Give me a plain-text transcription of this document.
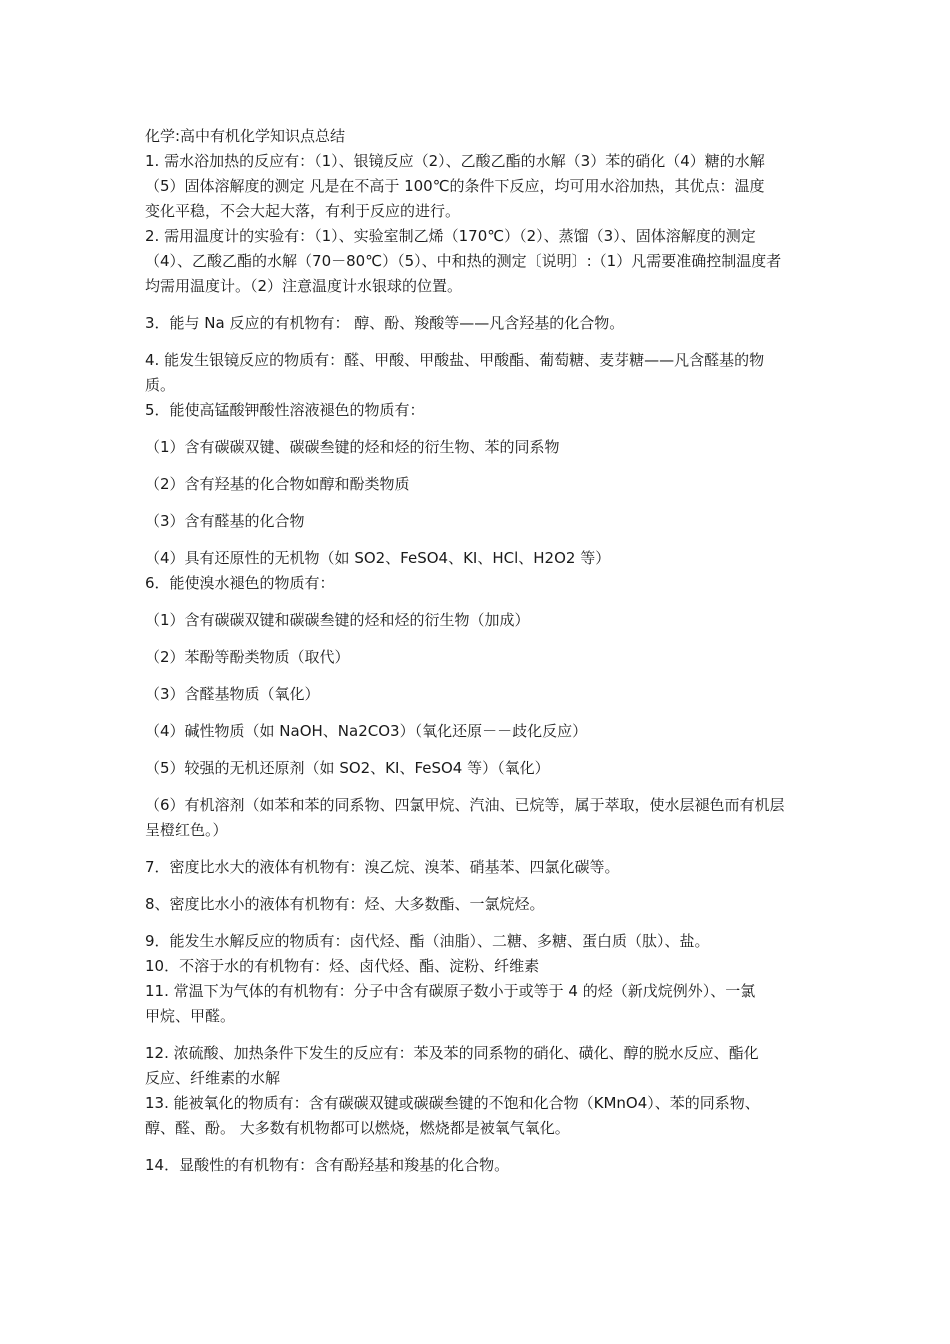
化学:高中有机化学知识点总结
1. 需水浴加热的反应有：（1）、银镜反应（2）、乙酸乙酯的水解（3）苯的硝化（4）糖的水解
（5）固体溶解度的测定 凡是在不高于 100℃的条件下反应，均可用水浴加热，其优点：温度
变化平稳，不会大起大落，有利于反应的进行。
2. 需用温度计的实验有：（1）、实验室制乙烯（170℃）（2）、蒸馏（3）、固体溶解度的测定
（4）、乙酸乙酯的水解（70－80℃）（5）、中和热的测定〔说明〕:（1）凡需要准确控制温度者
均需用温度计。（2）注意温度计水银球的位置。
3．能与 Na 反应的有机物有： 醇、酚、羧酸等——凡含羟基的化合物。
4. 能发生银镜反应的物质有：醛、甲酸、甲酸盐、甲酸酯、葡萄糖、麦芽糖——凡含醛基的物
质。
5．能使高锰酸钾酸性溶液褪色的物质有：
（1）含有碳碳双键、碳碳叁键的烃和烃的衍生物、苯的同系物
（2）含有羟基的化合物如醇和酚类物质
（3）含有醛基的化合物
（4）具有还原性的无机物（如 SO2、FeSO4、KI、HCl、H2O2 等）
6．能使溴水褪色的物质有：
（1）含有碳碳双键和碳碳叁键的烃和烃的衍生物（加成）
（2）苯酚等酚类物质（取代）
（3）含醛基物质（氧化）
（4）碱性物质（如 NaOH、Na2CO3）（氧化还原－－歧化反应）
（5）较强的无机还原剂（如 SO2、KI、FeSO4 等）（氧化）
（6）有机溶剂（如苯和苯的同系物、四氯甲烷、汽油、已烷等，属于萃取，使水层褪色而有机层
呈橙红色。）
7．密度比水大的液体有机物有：溴乙烷、溴苯、硝基苯、四氯化碳等。
8、密度比水小的液体有机物有：烃、大多数酯、一氯烷烃。
9．能发生水解反应的物质有：卤代烃、酯（油脂）、二糖、多糖、蛋白质（肽）、盐。
10．不溶于水的有机物有：烃、卤代烃、酯、淀粉、纤维素
11. 常温下为气体的有机物有：分子中含有碳原子数小于或等于 4 的烃（新戊烷例外）、一氯
甲烷、甲醛。
12. 浓硫酸、加热条件下发生的反应有：苯及苯的同系物的硝化、磺化、醇的脱水反应、酯化
反应、纤维素的水解
13. 能被氧化的物质有：含有碳碳双键或碳碳叁键的不饱和化合物（KMnO4）、苯的同系物、
醇、醛、酚。 大多数有机物都可以燃烧，燃烧都是被氧气氧化。
14．显酸性的有机物有：含有酚羟基和羧基的化合物。
